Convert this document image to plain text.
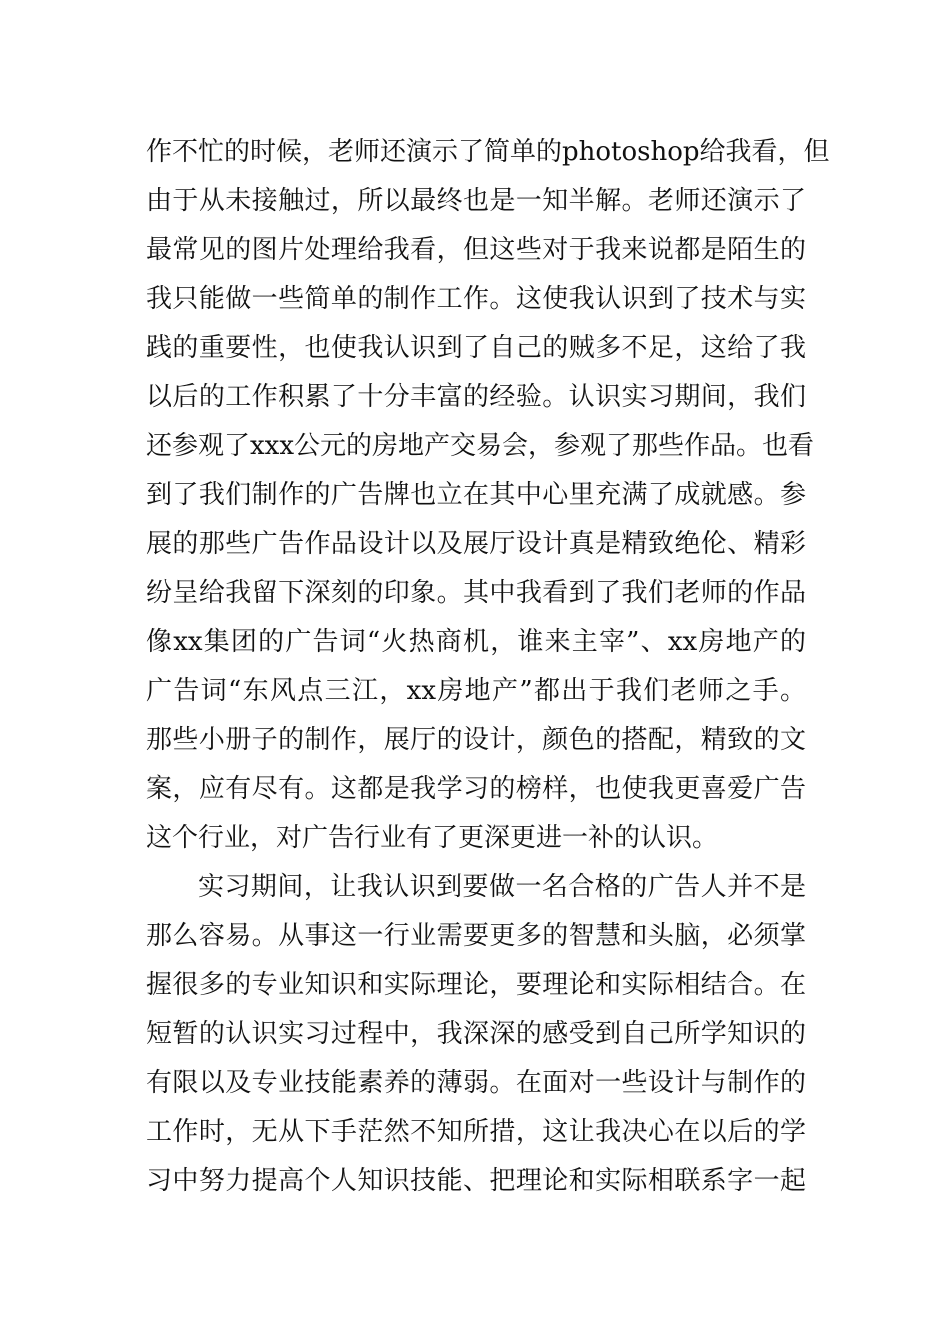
作不忙的时候，老师还演示了简单的photoshop给我看，但
由于从未接触过，所以最终也是一知半解。老师还演示了
最常见的图片处理给我看，但这些对于我来说都是陌生的
我只能做一些简单的制作工作。这使我认识到了技术与实
践的重要性，也使我认识到了自己的贼多不足，这给了我
以后的工作积累了十分丰富的经验。认识实习期间，我们
还参观了xxx公元的房地产交易会，参观了那些作品。也看
到了我们制作的广告牌也立在其中心里充满了成就感。参
展的那些广告作品设计以及展厅设计真是精致绝伦、精彩
纷呈给我留下深刻的印象。其中我看到了我们老师的作品
像xx集团的广告词“火热商机，谁来主宰”、xx房地产的
广告词“东风点三江，xx房地产”都出于我们老师之手。
那些小册子的制作，展厅的设计，颜色的搭配，精致的文
案，应有尽有。这都是我学习的榜样，也使我更喜爱广告
这个行业，对广告行业有了更深更进一补的认识。
实习期间，让我认识到要做一名合格的广告人并不是
那么容易。从事这一行业需要更多的智慧和头脑，必须掌
握很多的专业知识和实际理论，要理论和实际相结合。在
短暂的认识实习过程中，我深深的感受到自己所学知识的
有限以及专业技能素养的薄弱。在面对一些设计与制作的
工作时，无从下手茫然不知所措，这让我决心在以后的学
习中努力提高个人知识技能、把理论和实际相联系字一起
